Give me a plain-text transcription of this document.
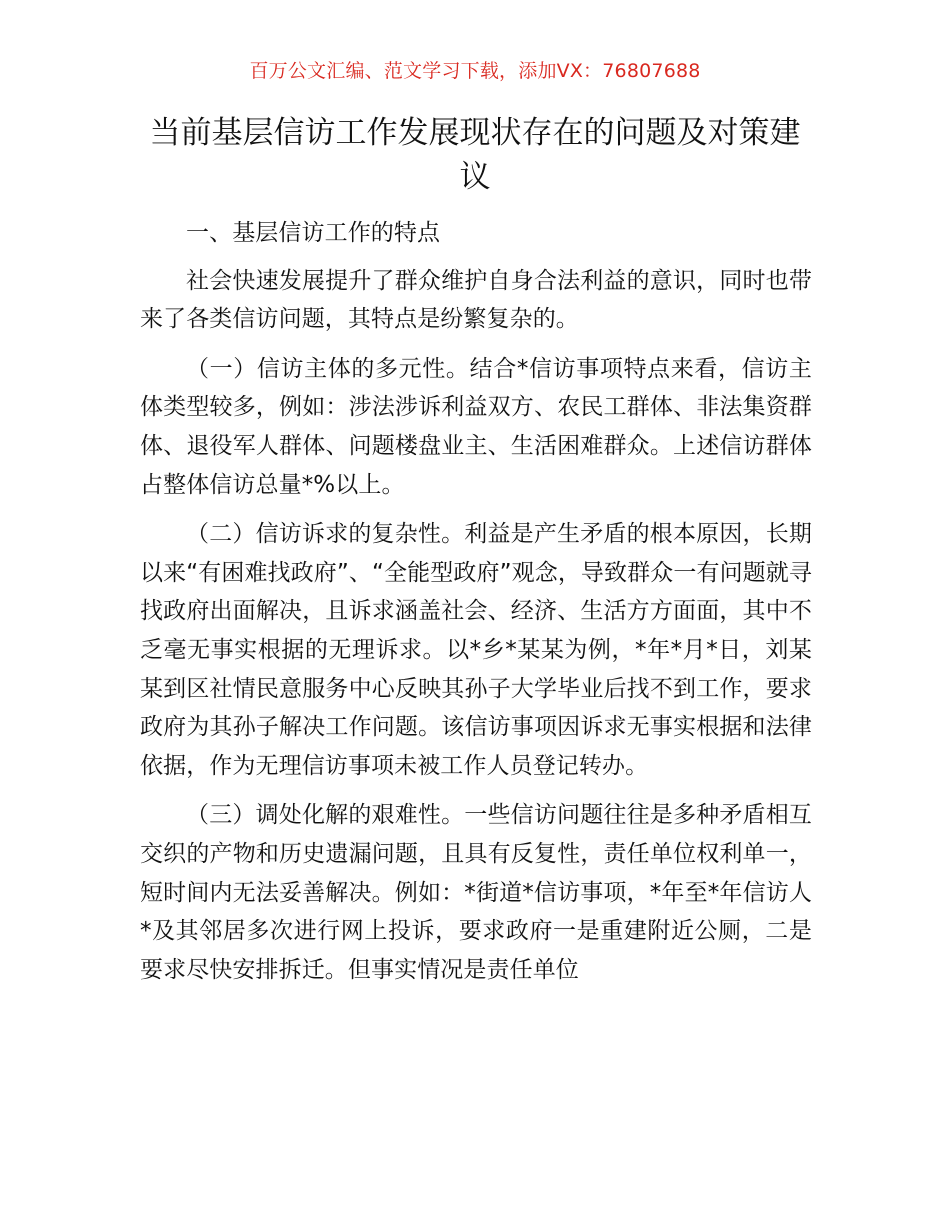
百万公文汇编、范文学习下载，添加VX：76807688
当前基层信访工作发展现状存在的问题及对策建议

一、基层信访工作的特点

社会快速发展提升了群众维护自身合法利益的意识，同时也带来了各类信访问题，其特点是纷繁复杂的。

（一）信访主体的多元性。结合*信访事项特点来看，信访主体类型较多，例如：涉法涉诉利益双方、农民工群体、非法集资群体、退役军人群体、问题楼盘业主、生活困难群众。上述信访群体占整体信访总量*%以上。

（二）信访诉求的复杂性。利益是产生矛盾的根本原因，长期以来“有困难找政府”、“全能型政府”观念，导致群众一有问题就寻找政府出面解决，且诉求涵盖社会、经济、生活方方面面，其中不乏毫无事实根据的无理诉求。以*乡*某某为例，*年*月*日，刘某某到区社情民意服务中心反映其孙子大学毕业后找不到工作，要求政府为其孙子解决工作问题。该信访事项因诉求无事实根据和法律依据，作为无理信访事项未被工作人员登记转办。

（三）调处化解的艰难性。一些信访问题往往是多种矛盾相互交织的产物和历史遗漏问题，且具有反复性，责任单位权利单一，短时间内无法妥善解决。例如：*街道*信访事项，*年至*年信访人*及其邻居多次进行网上投诉，要求政府一是重建附近公厕，二是要求尽快安排拆迁。但事实情况是责任单位
